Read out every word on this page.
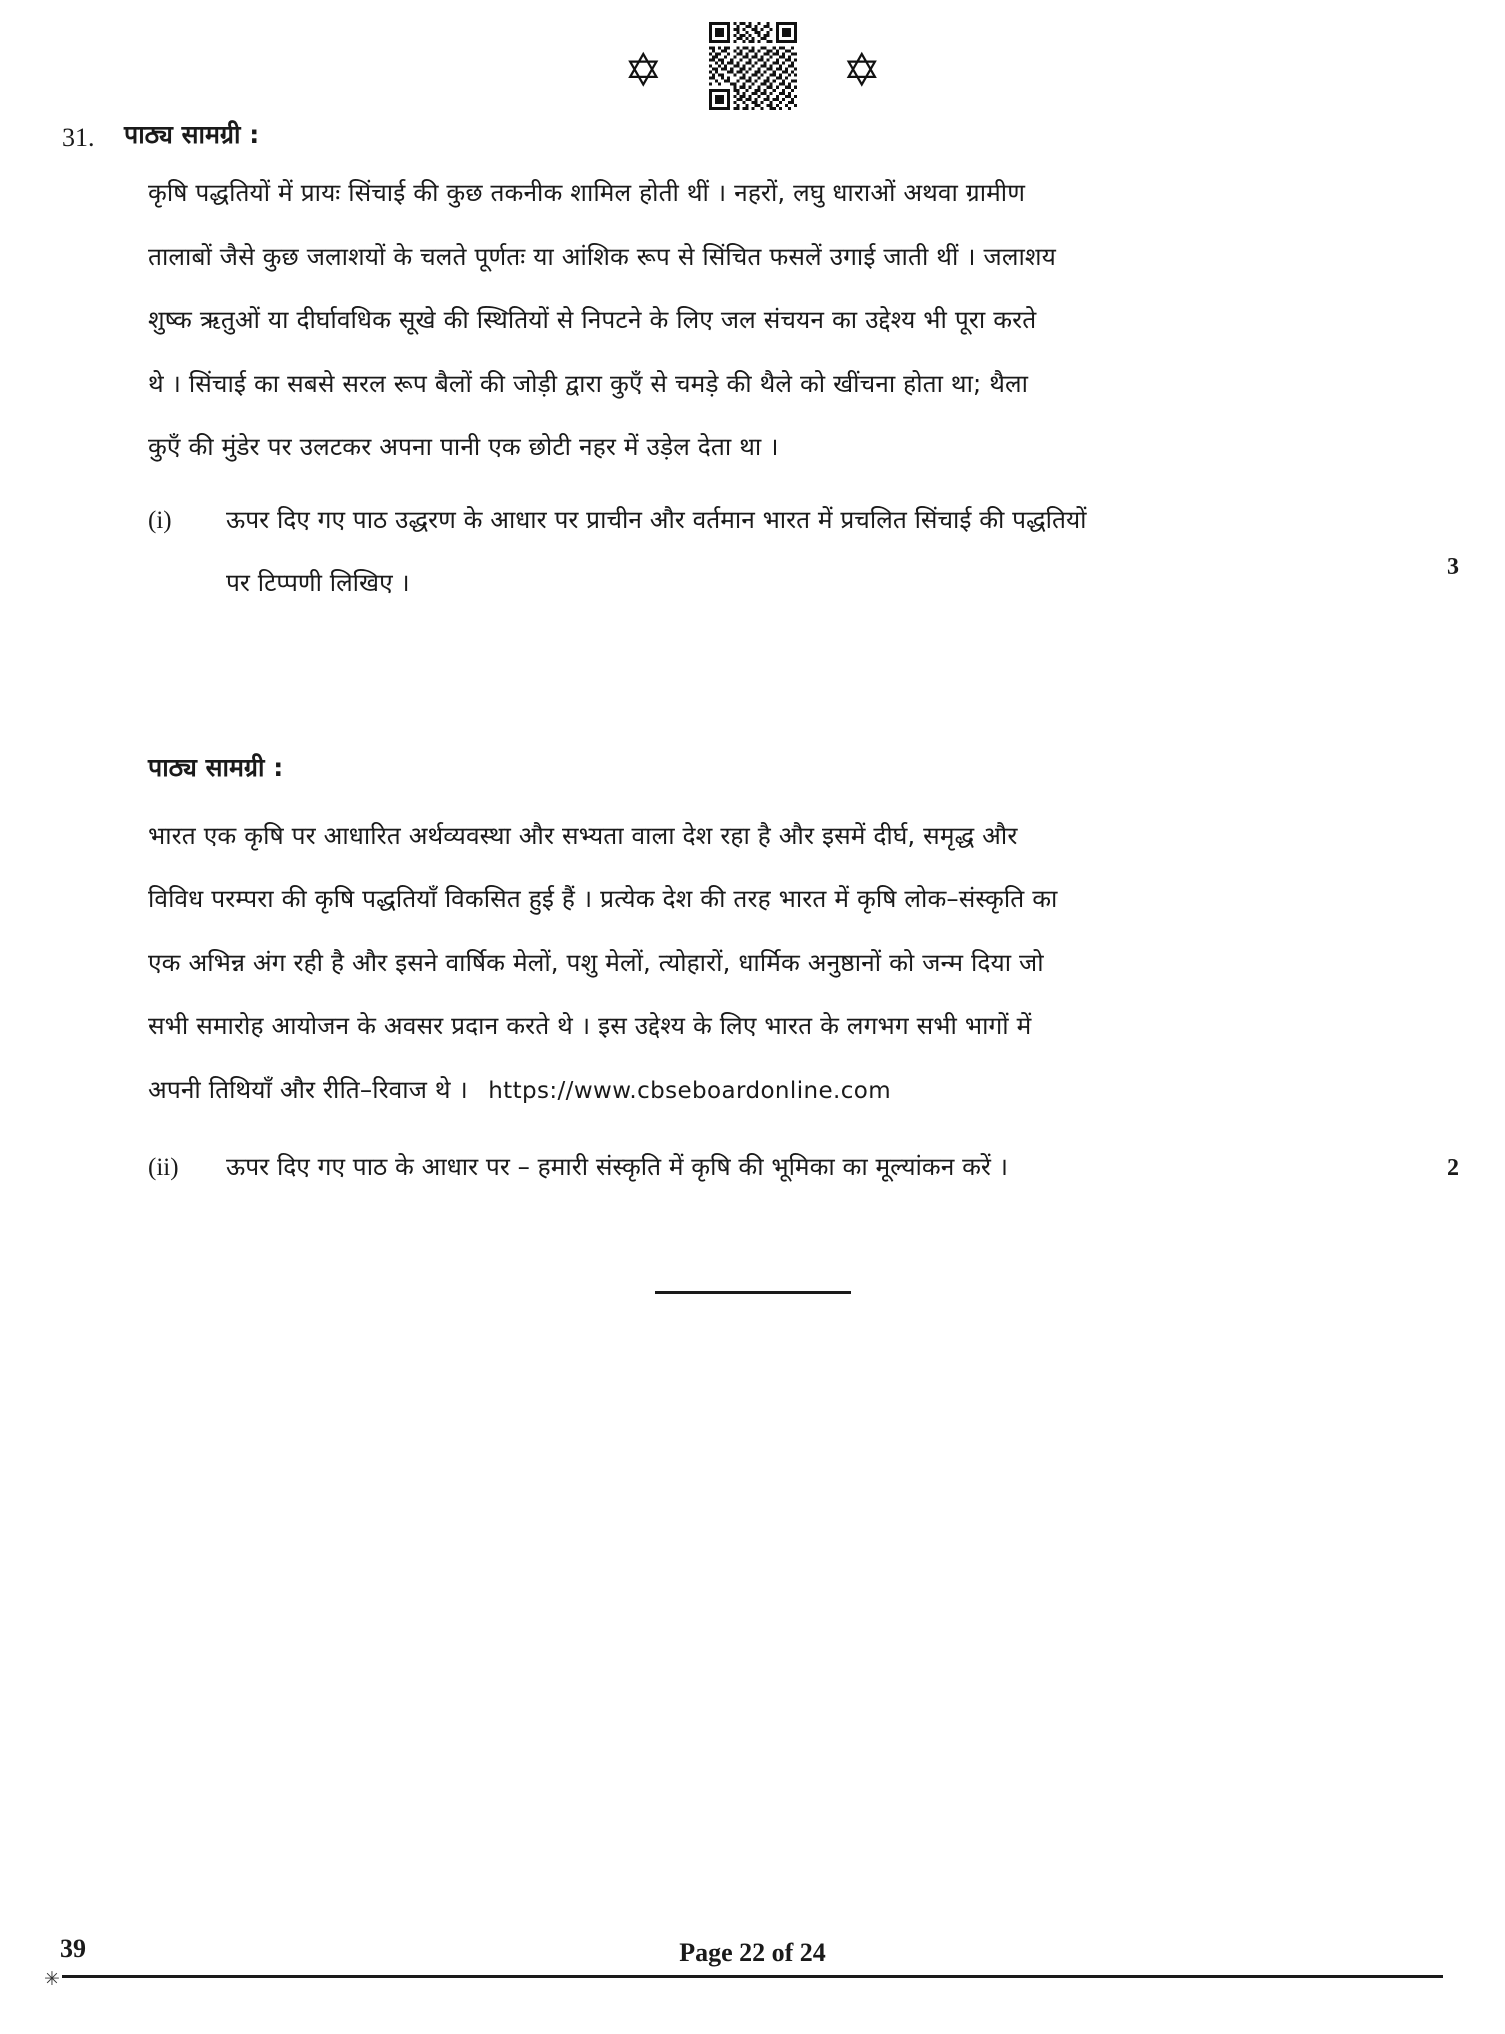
✡	✡
31.	पाठ्य सामग्री :
कृषि पद्धतियों में प्रायः सिंचाई की कुछ तकनीक शामिल होती थीं । नहरों, लघु धाराओं अथवा ग्रामीण
तालाबों जैसे कुछ जलाशयों के चलते पूर्णतः या आंशिक रूप से सिंचित फसलें उगाई जाती थीं । जलाशय
शुष्क ऋतुओं या दीर्घावधिक सूखे की स्थितियों से निपटने के लिए जल संचयन का उद्देश्य भी पूरा करते
थे । सिंचाई का सबसे सरल रूप बैलों की जोड़ी द्वारा कुएँ से चमड़े की थैले को खींचना होता था; थैला
कुएँ की मुंडेर पर उलटकर अपना पानी एक छोटी नहर में उड़ेल देता था ।
(i)	ऊपर दिए गए पाठ उद्धरण के आधार पर प्राचीन और वर्तमान भारत में प्रचलित सिंचाई की पद्धतियों
पर टिप्पणी लिखिए ।
3
पाठ्य सामग्री :
भारत एक कृषि पर आधारित अर्थव्यवस्था और सभ्यता वाला देश रहा है और इसमें दीर्घ, समृद्ध और
विविध परम्परा की कृषि पद्धतियाँ विकसित हुई हैं । प्रत्येक देश की तरह भारत में कृषि लोक–संस्कृति का
एक अभिन्न अंग रही है और इसने वार्षिक मेलों, पशु मेलों, त्योहारों, धार्मिक अनुष्ठानों को जन्म दिया जो
सभी समारोह आयोजन के अवसर प्रदान करते थे । इस उद्देश्य के लिए भारत के लगभग सभी भागों में
अपनी तिथियाँ और रीति–रिवाज थे । https://www.cbseboardonline.com
(ii)	ऊपर दिए गए पाठ के आधार पर – हमारी संस्कृति में कृषि की भूमिका का मूल्यांकन करें ।	2
39	Page 22 of 24
✳
